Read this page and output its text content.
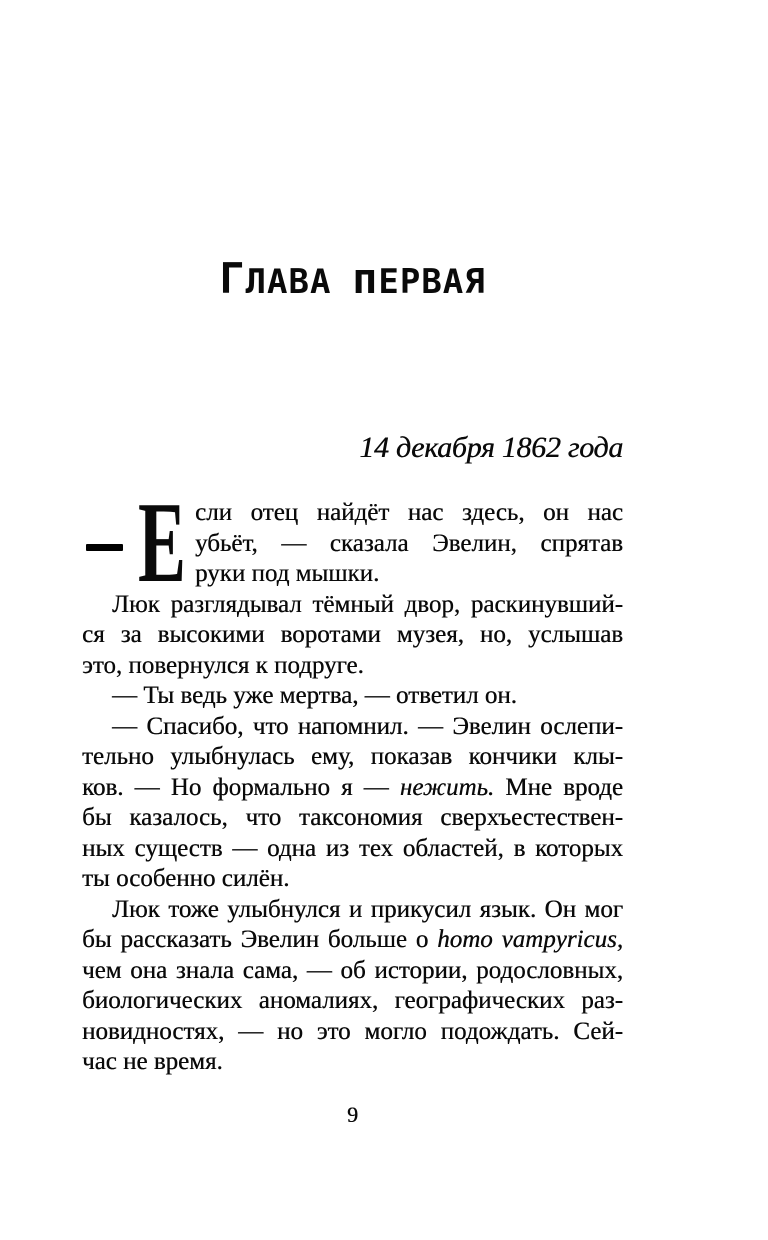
ГЛАВА пЕРВАЯ
14 декабря 1862 года
Е сли отец найдёт нас здесь, он нас
убьёт, — сказала Эвелин, спрятав
руки под мышки.
Люк разглядывал тёмный двор, раскинувший-
ся за высокими воротами музея, но, услышав
это, повернулся к подруге.
— Ты ведь уже мертва, — ответил он.
— Спасибо, что напомнил. — Эвелин ослепи-
тельно улыбнулась ему, показав кончики клы-
ков. — Но формально я — нежить. Мне вроде
бы казалось, что таксономия сверхъестествен-
ных существ — одна из тех областей, в которых
ты особенно силён.
Люк тоже улыбнулся и прикусил язык. Он мог
бы рассказать Эвелин больше о homo vampyricus,
чем она знала сама, — об истории, родословных,
биологических аномалиях, географических раз-
новидностях, — но это могло подождать. Сей-
час не время.
9
